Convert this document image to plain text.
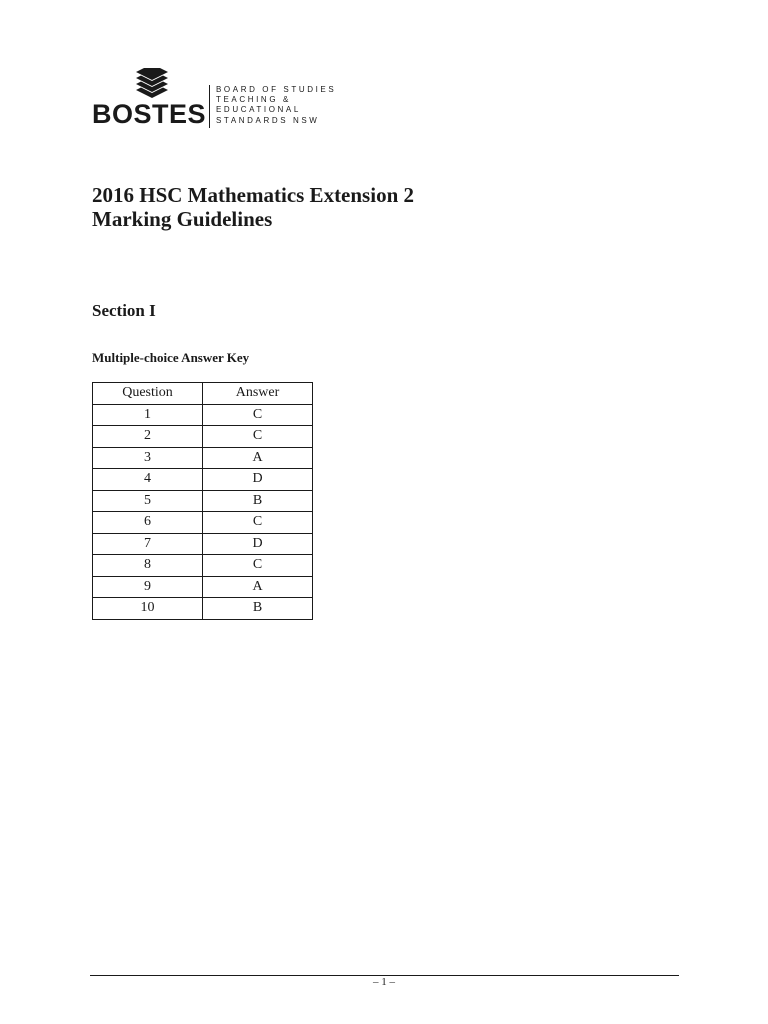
BOSTES
BOARD OF STUDIES
TEACHING &
EDUCATIONAL
STANDARDS NSW
2016 HSC Mathematics Extension 2
Marking Guidelines
Section I
Multiple-choice Answer Key
Question	Answer
1	C
2	C
3	A
4	D
5	B
6	C
7	D
8	C
9	A
10	B
– 1 –
